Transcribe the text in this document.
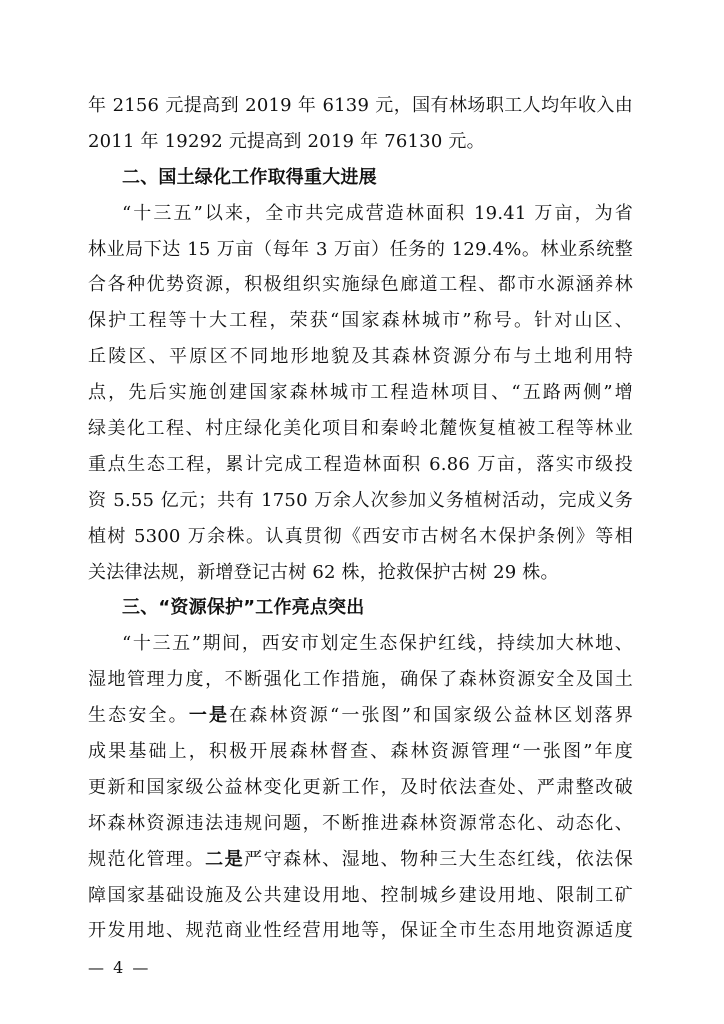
年 2156 元提高到 2019 年 6139 元，国有林场职工人均年收入由
2011 年 19292 元提高到 2019 年 76130 元。
二、国土绿化工作取得重大进展
“十三五”以来，全市共完成营造林面积 19.41 万亩，为省
林业局下达 15 万亩（每年 3 万亩）任务的 129.4%。林业系统整
合各种优势资源，积极组织实施绿色廊道工程、都市水源涵养林
保护工程等十大工程，荣获“国家森林城市”称号。针对山区、
丘陵区、平原区不同地形地貌及其森林资源分布与土地利用特
点，先后实施创建国家森林城市工程造林项目、“五路两侧”增
绿美化工程、村庄绿化美化项目和秦岭北麓恢复植被工程等林业
重点生态工程，累计完成工程造林面积 6.86 万亩，落实市级投
资 5.55 亿元；共有 1750 万余人次参加义务植树活动，完成义务
植树 5300 万余株。认真贯彻《西安市古树名木保护条例》等相
关法律法规，新增登记古树 62 株，抢救保护古树 29 株。
三、“资源保护”工作亮点突出
“十三五”期间，西安市划定生态保护红线，持续加大林地、
湿地管理力度，不断强化工作措施，确保了森林资源安全及国土
生态安全。一是在森林资源“一张图”和国家级公益林区划落界
成果基础上，积极开展森林督查、森林资源管理“一张图”年度
更新和国家级公益林变化更新工作，及时依法查处、严肃整改破
坏森林资源违法违规问题，不断推进森林资源常态化、动态化、
规范化管理。二是严守森林、湿地、物种三大生态红线，依法保
障国家基础设施及公共建设用地、控制城乡建设用地、限制工矿
开发用地、规范商业性经营用地等，保证全市生态用地资源适度
— 4 —
